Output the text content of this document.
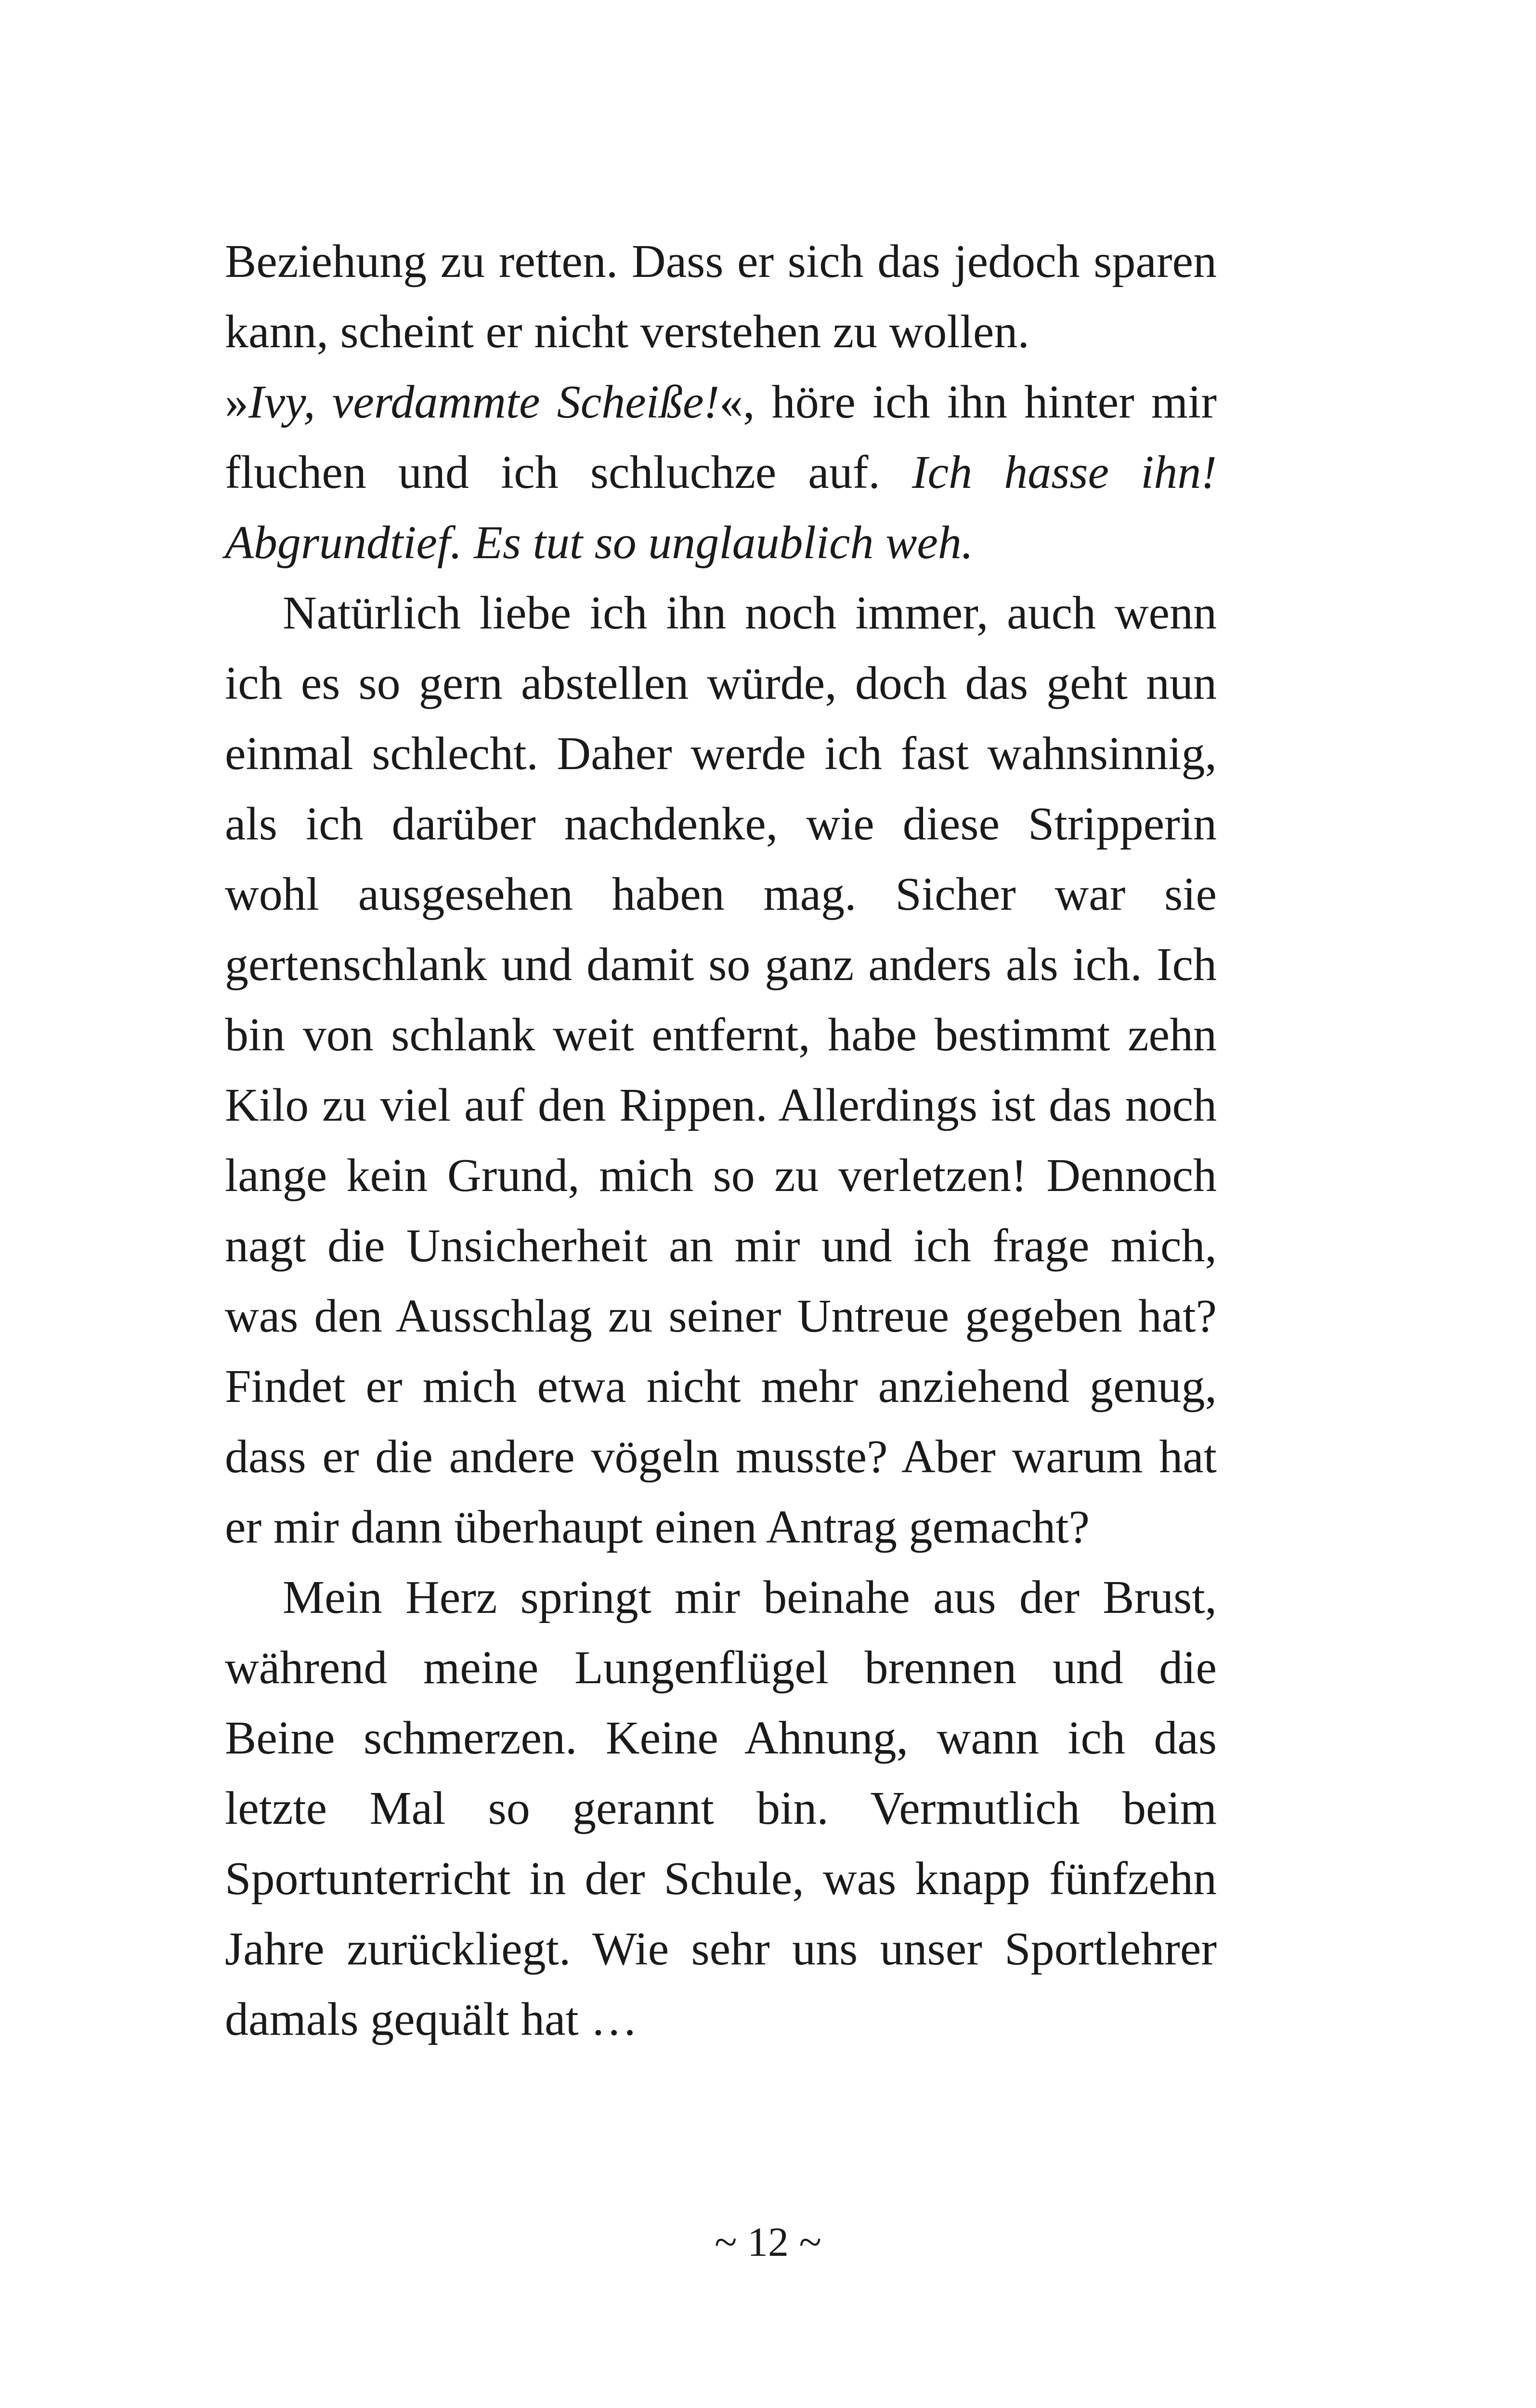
Beziehung zu retten. Dass er sich das jedoch sparen kann, scheint er nicht verstehen zu wollen.

»Ivy, verdammte Scheiße!«, höre ich ihn hinter mir fluchen und ich schluchze auf. Ich hasse ihn! Abgrundtief. Es tut so unglaublich weh.

Natürlich liebe ich ihn noch immer, auch wenn ich es so gern abstellen würde, doch das geht nun einmal schlecht. Daher werde ich fast wahnsinnig, als ich darüber nachdenke, wie diese Stripperin wohl ausgesehen haben mag. Sicher war sie gertenschlank und damit so ganz anders als ich. Ich bin von schlank weit entfernt, habe bestimmt zehn Kilo zu viel auf den Rippen. Allerdings ist das noch lange kein Grund, mich so zu verletzen! Dennoch nagt die Unsicherheit an mir und ich frage mich, was den Ausschlag zu seiner Untreue gegeben hat? Findet er mich etwa nicht mehr anziehend genug, dass er die andere vögeln musste? Aber warum hat er mir dann überhaupt einen Antrag gemacht?

Mein Herz springt mir beinahe aus der Brust, während meine Lungenflügel brennen und die Beine schmerzen. Keine Ahnung, wann ich das letzte Mal so gerannt bin. Vermutlich beim Sportunterricht in der Schule, was knapp fünfzehn Jahre zurückliegt. Wie sehr uns unser Sportlehrer damals gequält hat …

~ 12 ~
